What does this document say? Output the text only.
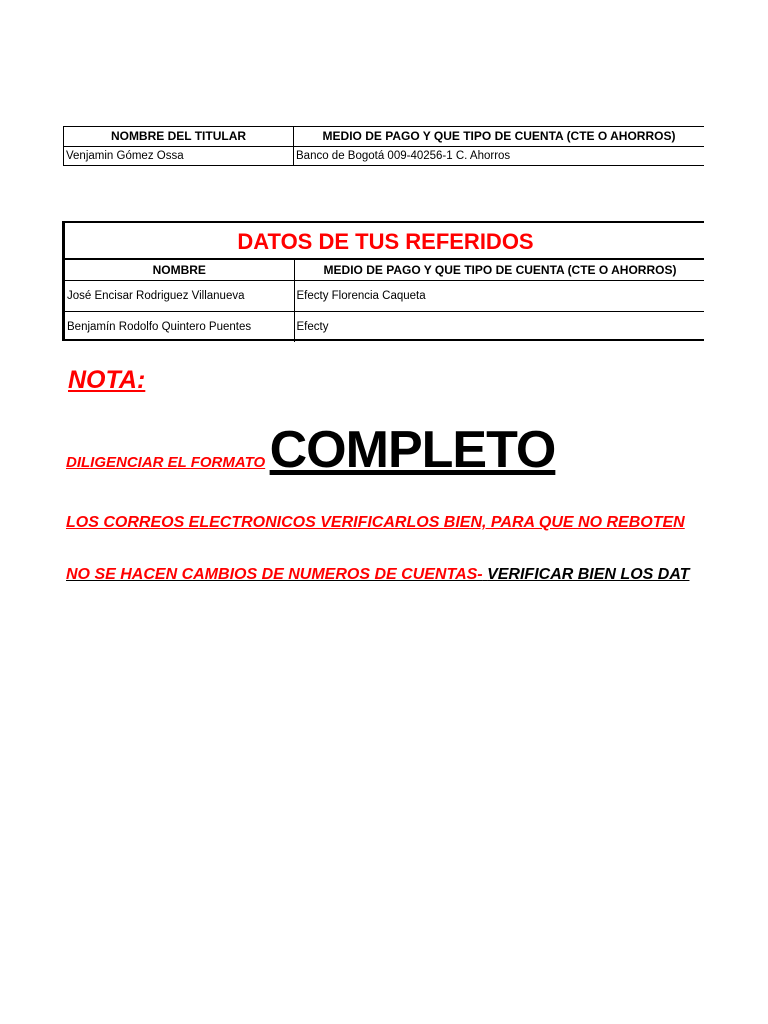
NOMBRE DEL TITULAR	MEDIO DE PAGO Y QUE TIPO DE CUENTA (CTE O AHORROS)
Venjamin Gómez Ossa	Banco de Bogotá 009-40256-1 C. Ahorros
DATOS DE TUS REFERIDOS
NOMBRE	MEDIO DE PAGO Y QUE TIPO DE CUENTA (CTE O AHORROS)
José Encisar Rodriguez Villanueva	Efecty Florencia Caqueta
Benjamín Rodolfo Quintero Puentes	Efecty
NOTA:
DILIGENCIAR EL FORMATO COMPLETO
LOS CORREOS ELECTRONICOS VERIFICARLOS BIEN, PARA QUE NO REBOTEN
NO SE HACEN CAMBIOS DE NUMEROS DE CUENTAS- VERIFICAR BIEN LOS DAT
